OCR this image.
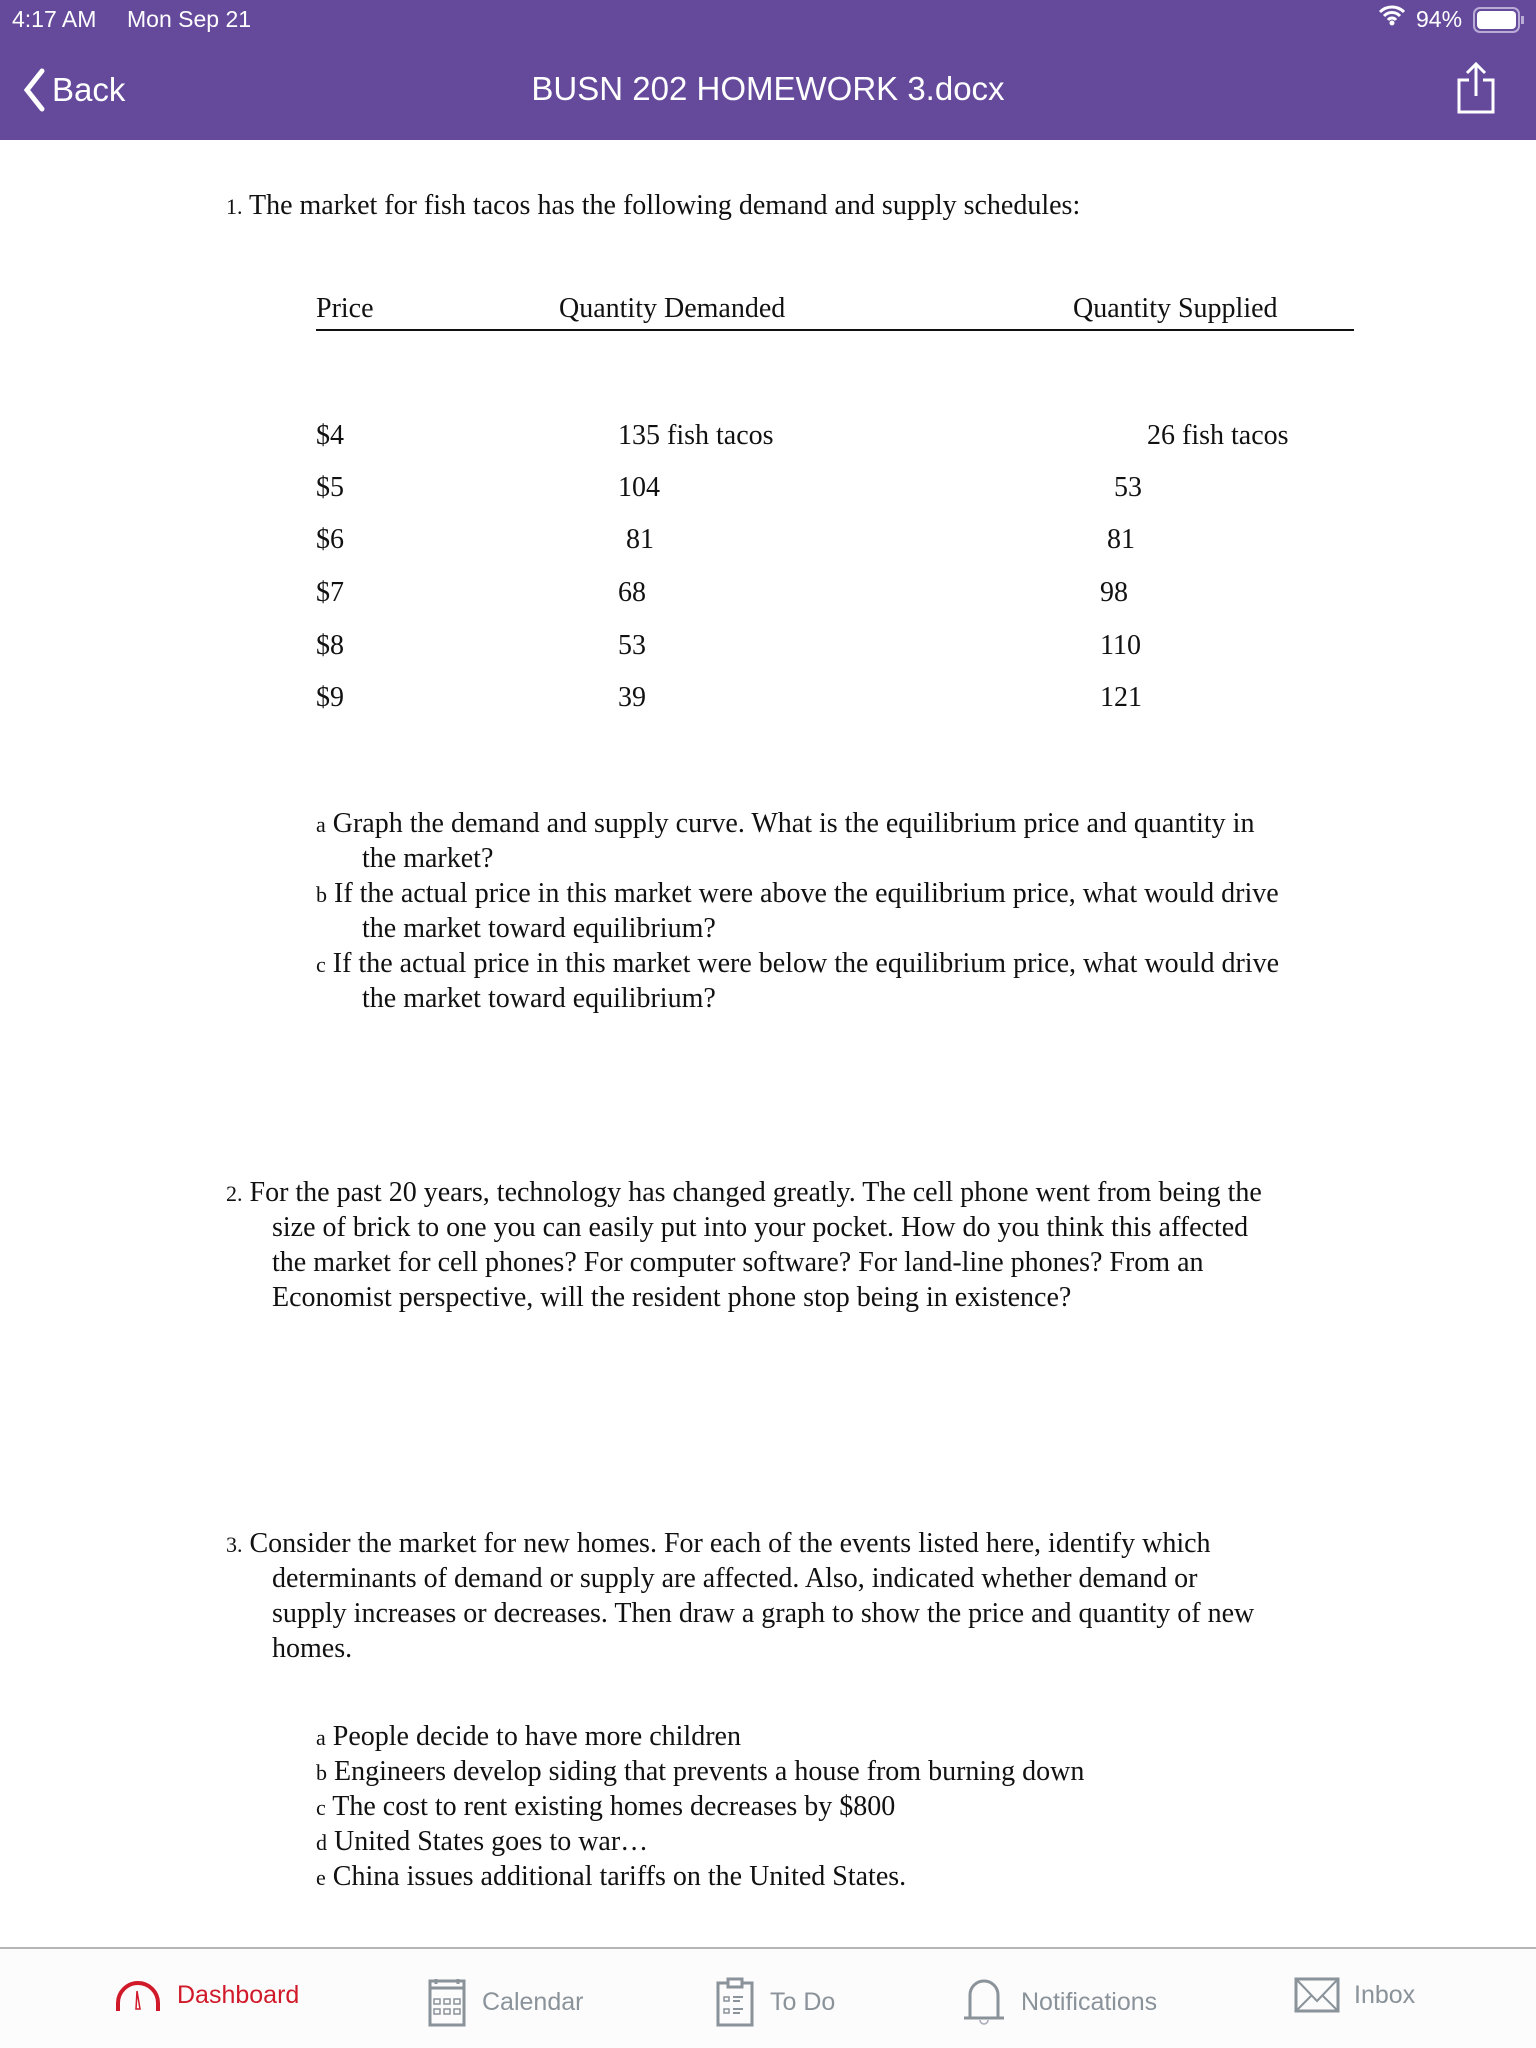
4:17 AM Mon Sep 21	94%
Back	BUSN 202 HOMEWORK 3.docx
1. The market for fish tacos has the following demand and supply schedules:
Price	Quantity Demanded	Quantity Supplied
$4	135 fish tacos	26 fish tacos
$5	104	53
$6	81	81
$7	68	98
$8	53	110
$9	39	121
a Graph the demand and supply curve. What is the equilibrium price and quantity in
the market?
b If the actual price in this market were above the equilibrium price, what would drive
the market toward equilibrium?
c If the actual price in this market were below the equilibrium price, what would drive
the market toward equilibrium?
2. For the past 20 years, technology has changed greatly. The cell phone went from being the
size of brick to one you can easily put into your pocket. How do you think this affected
the market for cell phones? For computer software? For land-line phones? From an
Economist perspective, will the resident phone stop being in existence?
3. Consider the market for new homes. For each of the events listed here, identify which
determinants of demand or supply are affected. Also, indicated whether demand or
supply increases or decreases. Then draw a graph to show the price and quantity of new
homes.
a People decide to have more children
b Engineers develop siding that prevents a house from burning down
c The cost to rent existing homes decreases by $800
d United States goes to war…
e China issues additional tariffs on the United States.
Dashboard	Calendar	To Do	Notifications	Inbox
